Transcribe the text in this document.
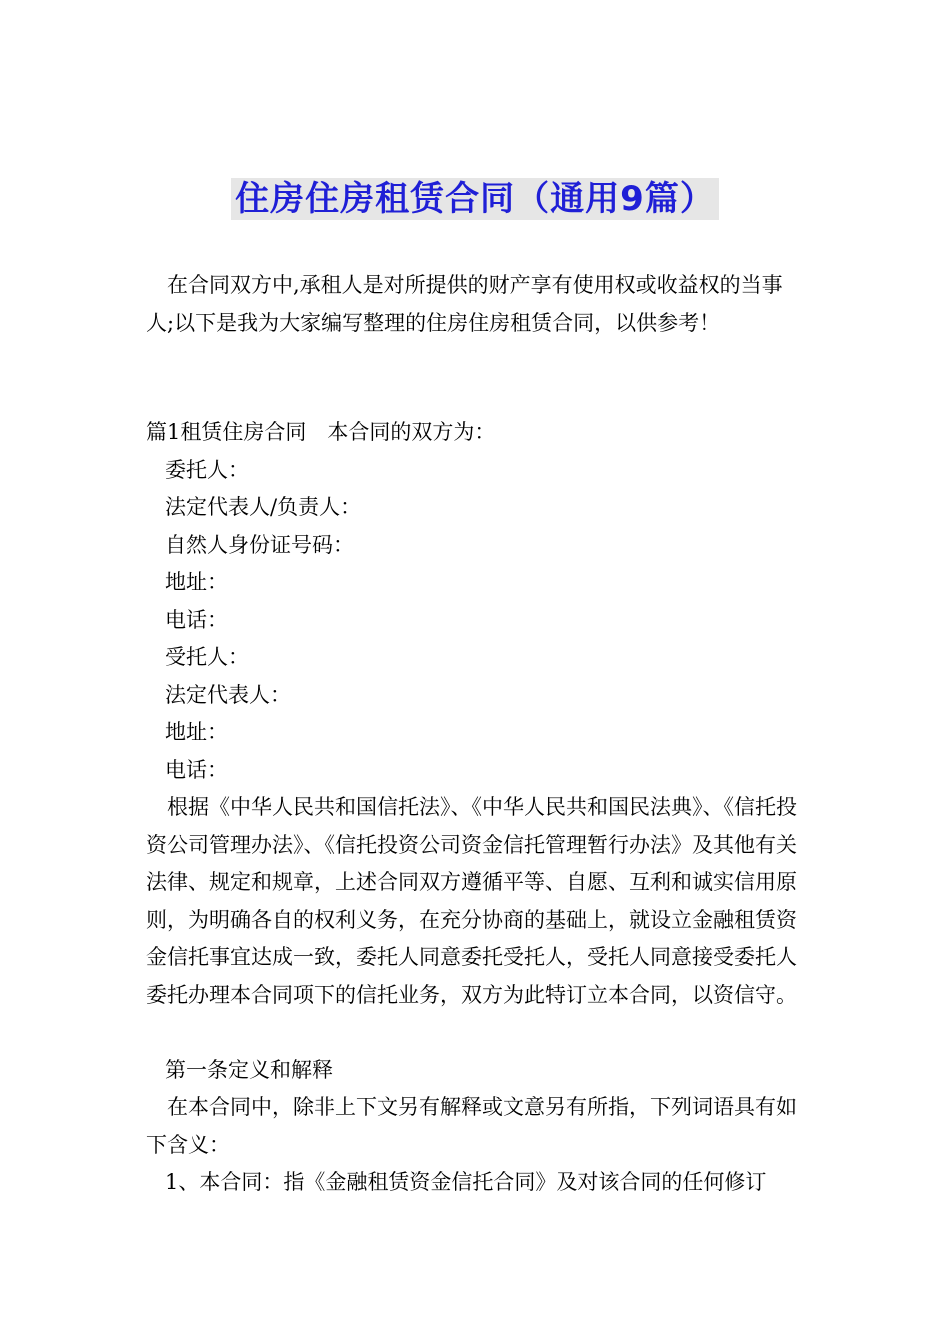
住房住房租赁合同（通用9篇）

在合同双方中,承租人是对所提供的财产享有使用权或收益权的当事人;以下是我为大家编写整理的住房住房租赁合同，以供参考！

篇1租赁住房合同　本合同的双方为：
委托人：
法定代表人/负责人：
自然人身份证号码：
地址：
电话：
受托人：
法定代表人：
地址：
电话：

根据《中华人民共和国信托法》、《中华人民共和国民法典》、《信托投资公司管理办法》、《信托投资公司资金信托管理暂行办法》及其他有关法律、规定和规章，上述合同双方遵循平等、自愿、互利和诚实信用原则，为明确各自的权利义务，在充分协商的基础上，就设立金融租赁资金信托事宜达成一致，委托人同意委托受托人，受托人同意接受委托人委托办理本合同项下的信托业务，双方为此特订立本合同，以资信守。

第一条定义和解释

在本合同中，除非上下文另有解释或文意另有所指，下列词语具有如下含义：

1、本合同：指《金融租赁资金信托合同》及对该合同的任何修订
